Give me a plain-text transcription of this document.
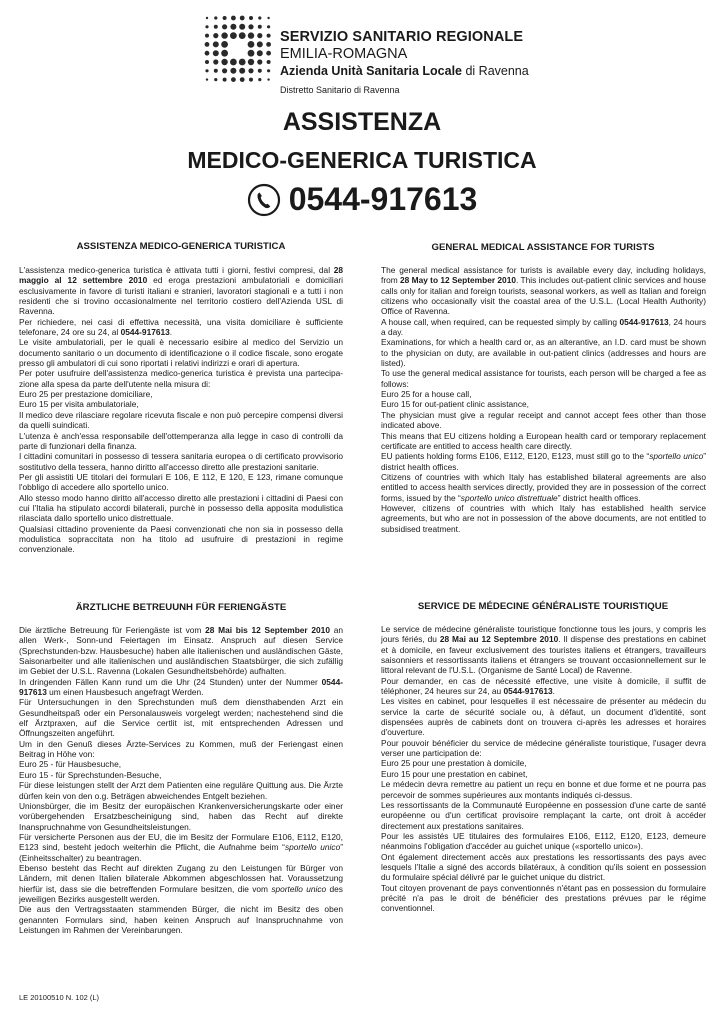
SERVIZIO SANITARIO REGIONALE
EMILIA-ROMAGNA
Azienda Unità Sanitaria Locale di Ravenna
Distretto Sanitario di Ravenna
ASSISTENZA
MEDICO-GENERICA TURISTICA
0544-917613
ASSISTENZA MEDICO-GENERICA TURISTICA

L'assistenza medico-generica turistica è attivata tutti i giorni, festivi compresi, dal 28 maggio al 12 settembre 2010 ed eroga prestazioni ambulatoriali e domiciliari esclusivamente in favore di turisti italiani e stranieri, lavoratori stagionali e a tutti i non residenti che si trovino occasionalmente nel territorio costiero dell'Azienda USL di Ravenna.

Per richiedere, nei casi di effettiva necessità, una visita domiciliare è sufficiente telefonare, 24 ore su 24, al 0544-917613.

Le visite ambulatoriali, per le quali è necessario esibire al medico del Servizio un documento sanitario o un documento di identificazione o il codice fiscale, sono erogate presso gli ambulatori di cui sono riportati i relativi indirizzi e orari di apertura.

Per poter usufruire dell'assistenza medico-generica turistica è prevista una partecipa-zione alla spesa da parte dell'utente nella misura di:

Euro 25 per prestazione domiciliare,

Euro 15 per visita ambulatoriale,

Il medico deve rilasciare regolare ricevuta fiscale e non può percepire compensi diversi da quelli suindicati.

L'utenza è anch'essa responsabile dell'ottemperanza alla legge in caso di controlli da parte di funzionari della finanza.

I cittadini comunitari in possesso di tessera sanitaria europea o di certificato provvisorio sostitutivo della tessera, hanno diritto all'accesso diretto alle prestazioni sanitarie.

Per gli assistiti UE titolari dei formulari E 106, E 112, E 120, E 123, rimane comunque l'obbligo di accedere allo sportello unico.

Allo stesso modo hanno diritto all'accesso diretto alle prestazioni i cittadini di Paesi con cui l'Italia ha stipulato accordi bilaterali, purchè in possesso della apposita modulistica rilasciata dallo sportello unico distrettuale.

Qualsiasi cittadino proveniente da Paesi convenzionati che non sia in possesso della modulistica sopraccitata non ha titolo ad usufruire di prestazioni in regime convenzionale.

GENERAL MEDICAL ASSISTANCE FOR TURISTS

The general medical assistance for turists is available every day, including holidays, from 28 May to 12 September 2010. This includes out-patient clinic services and house calls only for italian and foreign tourists, seasonal workers, as well as Italian and foreign citizens who occasionally visit the coastal area of the U.S.L. (Local Health Authority) Office of Ravenna.

A house call, when required, can be requested simply by calling 0544-917613, 24 hours a day.

Examinations, for which a health card or, as an alterantive, an I.D. card must be shown to the physician on duty, are available in out-patient clinics (addresses and hours are listed).

To use the general medical assistance for tourists, each person will be charged a fee as follows:

Euro 25 for a house call,

Euro 15 for out-patient clinic assistance,

The physician must give a regular receipt and cannot accept fees other than those indicated above.

This means that EU citizens holding a European health card or temporary replacement certificate are entitled to access health care directly.

EU patients holding forms E106, E112, E120, E123, must still go to the “sportello unico” district health offices.

Citizens of countries with which Italy has established bilateral agreements are also entitled to access health services directly, provided they are in possession of the correct forms, issued by the “sportello unico distrettuale” district health offices.

However, citizens of countries with which Italy has established health service agreements, but who are not in possession of the above documents, are not entitled to subsidised treatment.

ÄRZTLICHE BETREUUNH FÜR FERIENGÄSTE

Die ärztliche Betreuung für Feriengäste ist vom 28 Mai bis 12 September 2010 an allen Werk-, Sonn-und Feiertagen im Einsatz. Anspruch auf diesen Service (Sprechstunden-bzw. Hausbesuche) haben alle italienischen und ausländischen Gäste, Saisonarbeiter und alle italienischen und ausländischen Staatsbürger, die sich zufällig im Gebiet der U.S.L. Ravenna (Lokalen Gesundheitsbehörde) aufhalten.

In dringenden Fällen Kann rund um die Uhr (24 Stunden) unter der Nummer 0544-917613 um einen Hausbesuch angefragt Werden.

Für Untersuchungen in den Sprechstunden muß dem diensthabenden Arzt ein Gesundheitspaß oder ein Personalausweis vorgelegt werden; nachestehend sind die elf Ärztpraxen, auf die Service certlit ist, mit entsprechenden Adressen und Öffnungszeiten angeführt.

Um in den Genuß dieses Ärzte-Services zu Kommen, muß der Feriengast einen Beitrag in Höhe von:

Euro 25 - für Hausbesuche,

Euro 15 - für Sprechstunden-Besuche,

Für diese leistungen stellt der Arzt dem Patienten eine reguläre Quittung aus. Die Ärzte dürfen kein von den o.g. Beträgen abweichendes Entgelt beziehen.

Unionsbürger, die im Besitz der europäischen Krankenversicherungskarte oder einer vorübergehenden Ersatzbescheinigung sind, haben das Recht auf direkte Inanspruchnahme von Gesundheitsleistungen.

Für versicherte Personen aus der EU, die im Besitz der Formulare E106, E112, E120, E123 sind, besteht jedoch weiterhin die Pflicht, die Aufnahme beim “sportello unico” (Einheitsschalter) zu beantragen.

Ebenso besteht das Recht auf direkten Zugang zu den Leistungen für Bürger von Ländern, mit denen Italien bilaterale Abkommen abgeschlossen hat. Voraussetzung hierfür ist, dass sie die betreffenden Formulare besitzen, die vom sportello unico des jeweiligen Bezirks ausgestellt werden.

Die aus den Vertragsstaaten stammenden Bürger, die nicht im Besitz des oben genannten Formulars sind, haben keinen Anspruch auf Inanspruchnahme von Leistungen im Rahmen der Vereinbarungen.

SERVICE DE MÉDECINE GÉNÉRALISTE TOURISTIQUE

Le service de médecine généraliste touristique fonctionne tous les jours, y compris les jours fériés, du 28 Mai au 12 Septembre 2010. Il dispense des prestations en cabinet et à domicile, en faveur exclusivement des touristes italiens et étrangers, travailleurs saisonniers et ressortissants italiens et étrangers se trouvant occasionnellement sur le littoral relevant de l'U.S.L. (Organisme de Santé Local) de Ravenne.

Pour demander, en cas de nécessité effective, une visite à domicile, il suffit de téléphoner, 24 heures sur 24, au 0544-917613.

Les visites en cabinet, pour lesquelles il est nécessaire de présenter au médecin du service la carte de sécurité sociale ou, à défaut, un document d'identité, sont dispensées auprès de cabinets dont on trouvera ci-après les adresses et horaires d'ouverture.

Pour pouvoir bénéficier du service de médecine généraliste touristique, l'usager devra verser une participation de:

Euro 25 pour une prestation à domicile,

Euro 15 pour une prestation en cabinet,

Le médecin devra remettre au patient un reçu en bonne et due forme et ne pourra pas percevoir de sommes supérieures aux montants indiqués ci-dessus.

Les ressortissants de la Communauté Européenne en possession d'une carte de santé européenne ou d'un certificat provisoire remplaçant la carte, ont droit à accéder directement aux prestations sanitaires.

Pour les assistés UE titulaires des formulaires E106, E112, E120, E123, demeure néanmoins l'obligation d'accéder au guichet unique («sportello unico»).

Ont également directement accès aux prestations les ressortissants des pays avec lesquels l'Italie a signé des accords bilatéraux, à condition qu'ils soient en possession du formulaire spécial délivré par le guichet unique du district.

Tout citoyen provenant de pays conventionnés n'étant pas en possession du formulaire précité n'a pas le droit de bénéficier des prestations prévues par le régime conventionnel.

LE 20100510 N. 102 (L)
